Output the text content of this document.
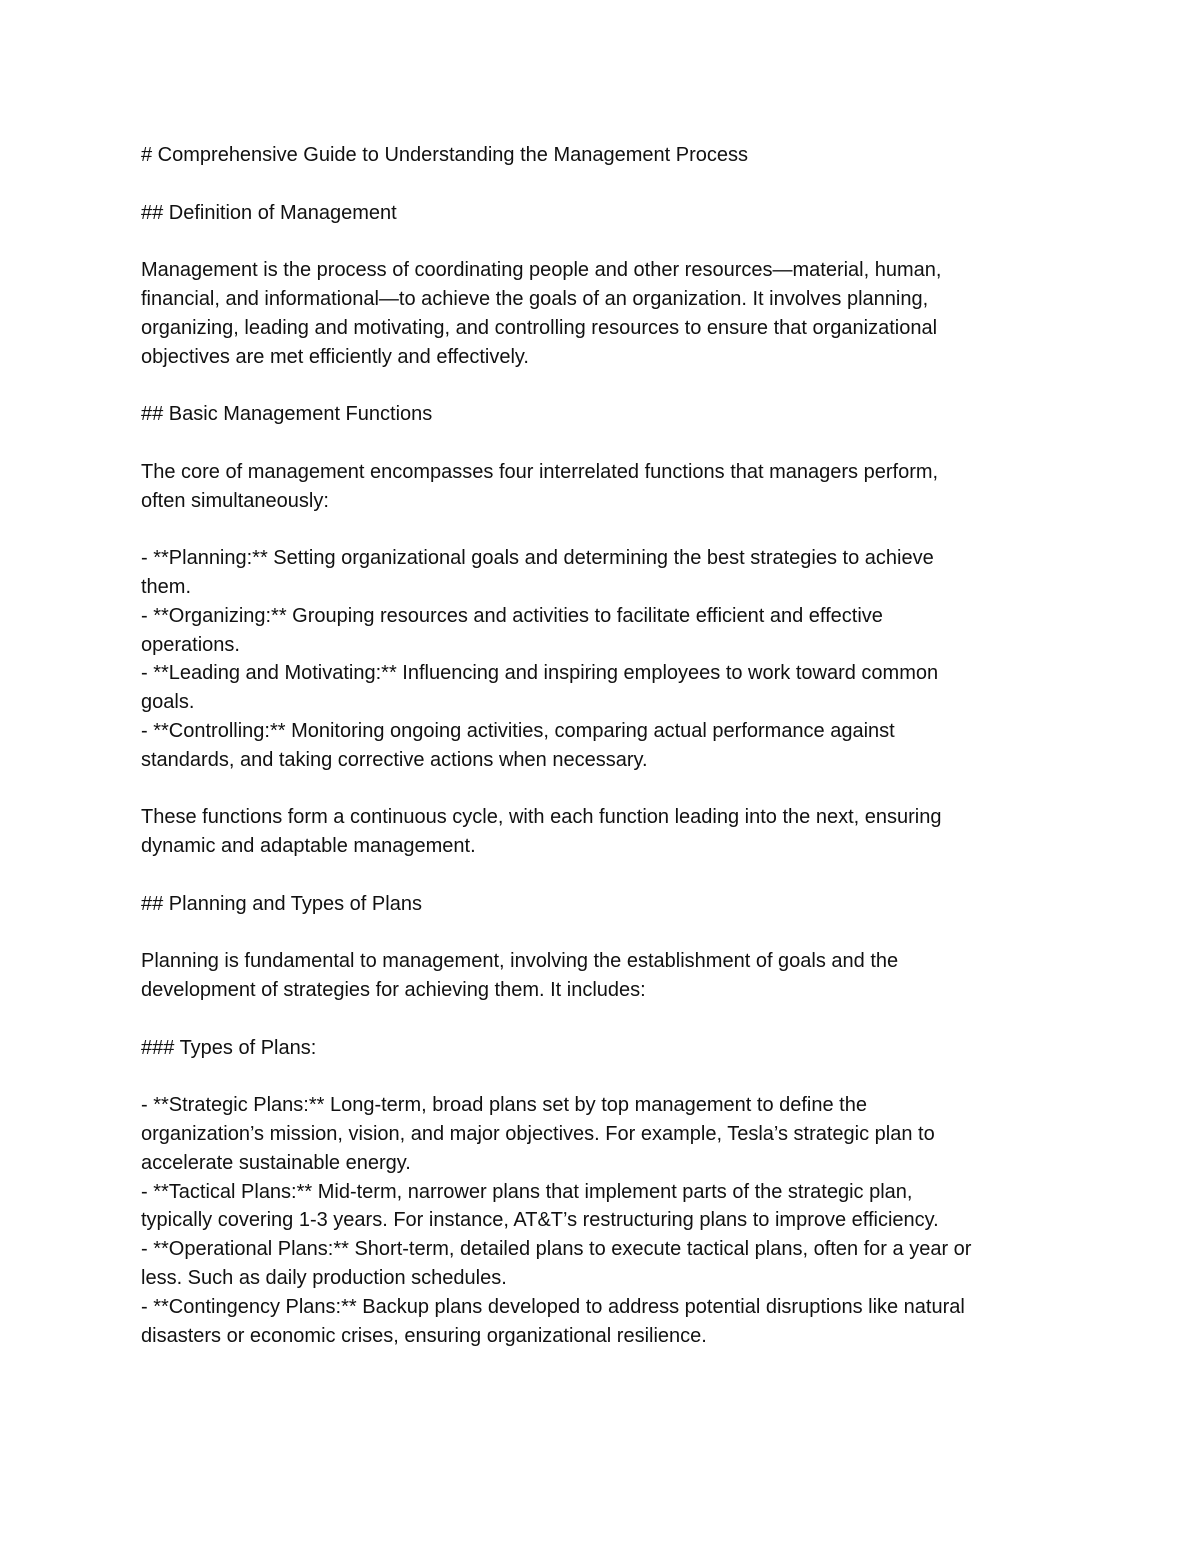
# Comprehensive Guide to Understanding the Management Process

## Definition of Management

Management is the process of coordinating people and other resources—material, human,

financial, and informational—to achieve the goals of an organization. It involves planning,

organizing, leading and motivating, and controlling resources to ensure that organizational

objectives are met efficiently and effectively.

## Basic Management Functions

The core of management encompasses four interrelated functions that managers perform,

often simultaneously:

- **Planning:** Setting organizational goals and determining the best strategies to achieve

them.

- **Organizing:** Grouping resources and activities to facilitate efficient and effective

operations.

- **Leading and Motivating:** Influencing and inspiring employees to work toward common

goals.

- **Controlling:** Monitoring ongoing activities, comparing actual performance against

standards, and taking corrective actions when necessary.

These functions form a continuous cycle, with each function leading into the next, ensuring

dynamic and adaptable management.

## Planning and Types of Plans

Planning is fundamental to management, involving the establishment of goals and the

development of strategies for achieving them. It includes:

### Types of Plans:

- **Strategic Plans:** Long-term, broad plans set by top management to define the

organization’s mission, vision, and major objectives. For example, Tesla’s strategic plan to

accelerate sustainable energy.

- **Tactical Plans:** Mid-term, narrower plans that implement parts of the strategic plan,

typically covering 1-3 years. For instance, AT&T’s restructuring plans to improve efficiency.

- **Operational Plans:** Short-term, detailed plans to execute tactical plans, often for a year or

less. Such as daily production schedules.

- **Contingency Plans:** Backup plans developed to address potential disruptions like natural

disasters or economic crises, ensuring organizational resilience.
